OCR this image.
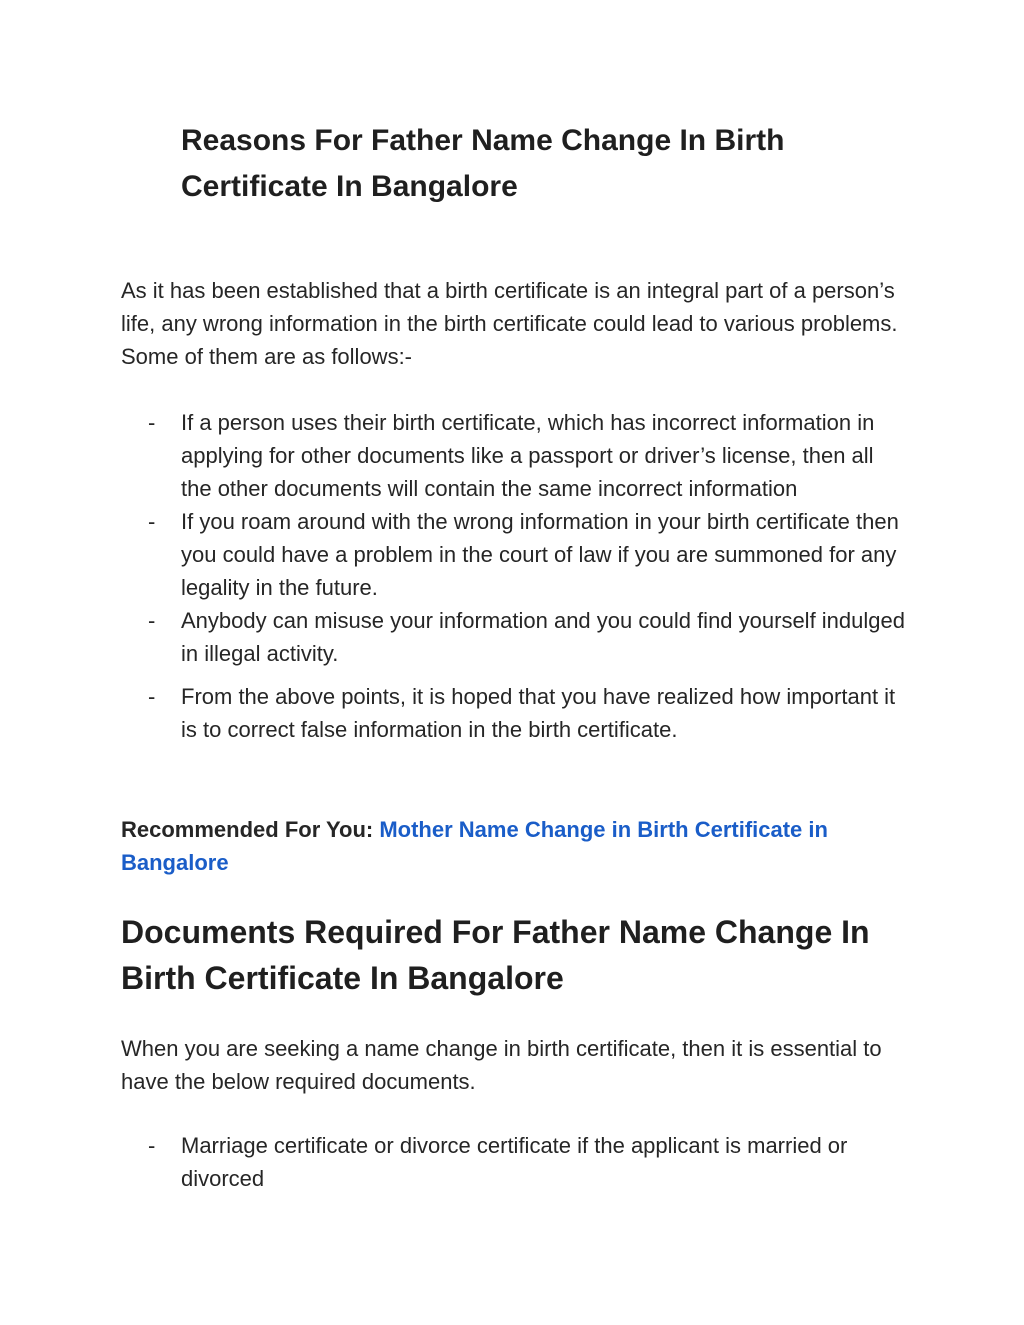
Reasons For Father Name Change In Birth Certificate In Bangalore

As it has been established that a birth certificate is an integral part of a person’s life, any wrong information in the birth certificate could lead to various problems. Some of them are as follows:-

- If a person uses their birth certificate, which has incorrect information in applying for other documents like a passport or driver’s license, then all the other documents will contain the same incorrect information
- If you roam around with the wrong information in your birth certificate then you could have a problem in the court of law if you are summoned for any legality in the future.
- Anybody can misuse your information and you could find yourself indulged in illegal activity.
- From the above points, it is hoped that you have realized how important it is to correct false information in the birth certificate.

Recommended For You: Mother Name Change in Birth Certificate in Bangalore

Documents Required For Father Name Change In Birth Certificate In Bangalore

When you are seeking a name change in birth certificate, then it is essential to have the below required documents.

- Marriage certificate or divorce certificate if the applicant is married or divorced
